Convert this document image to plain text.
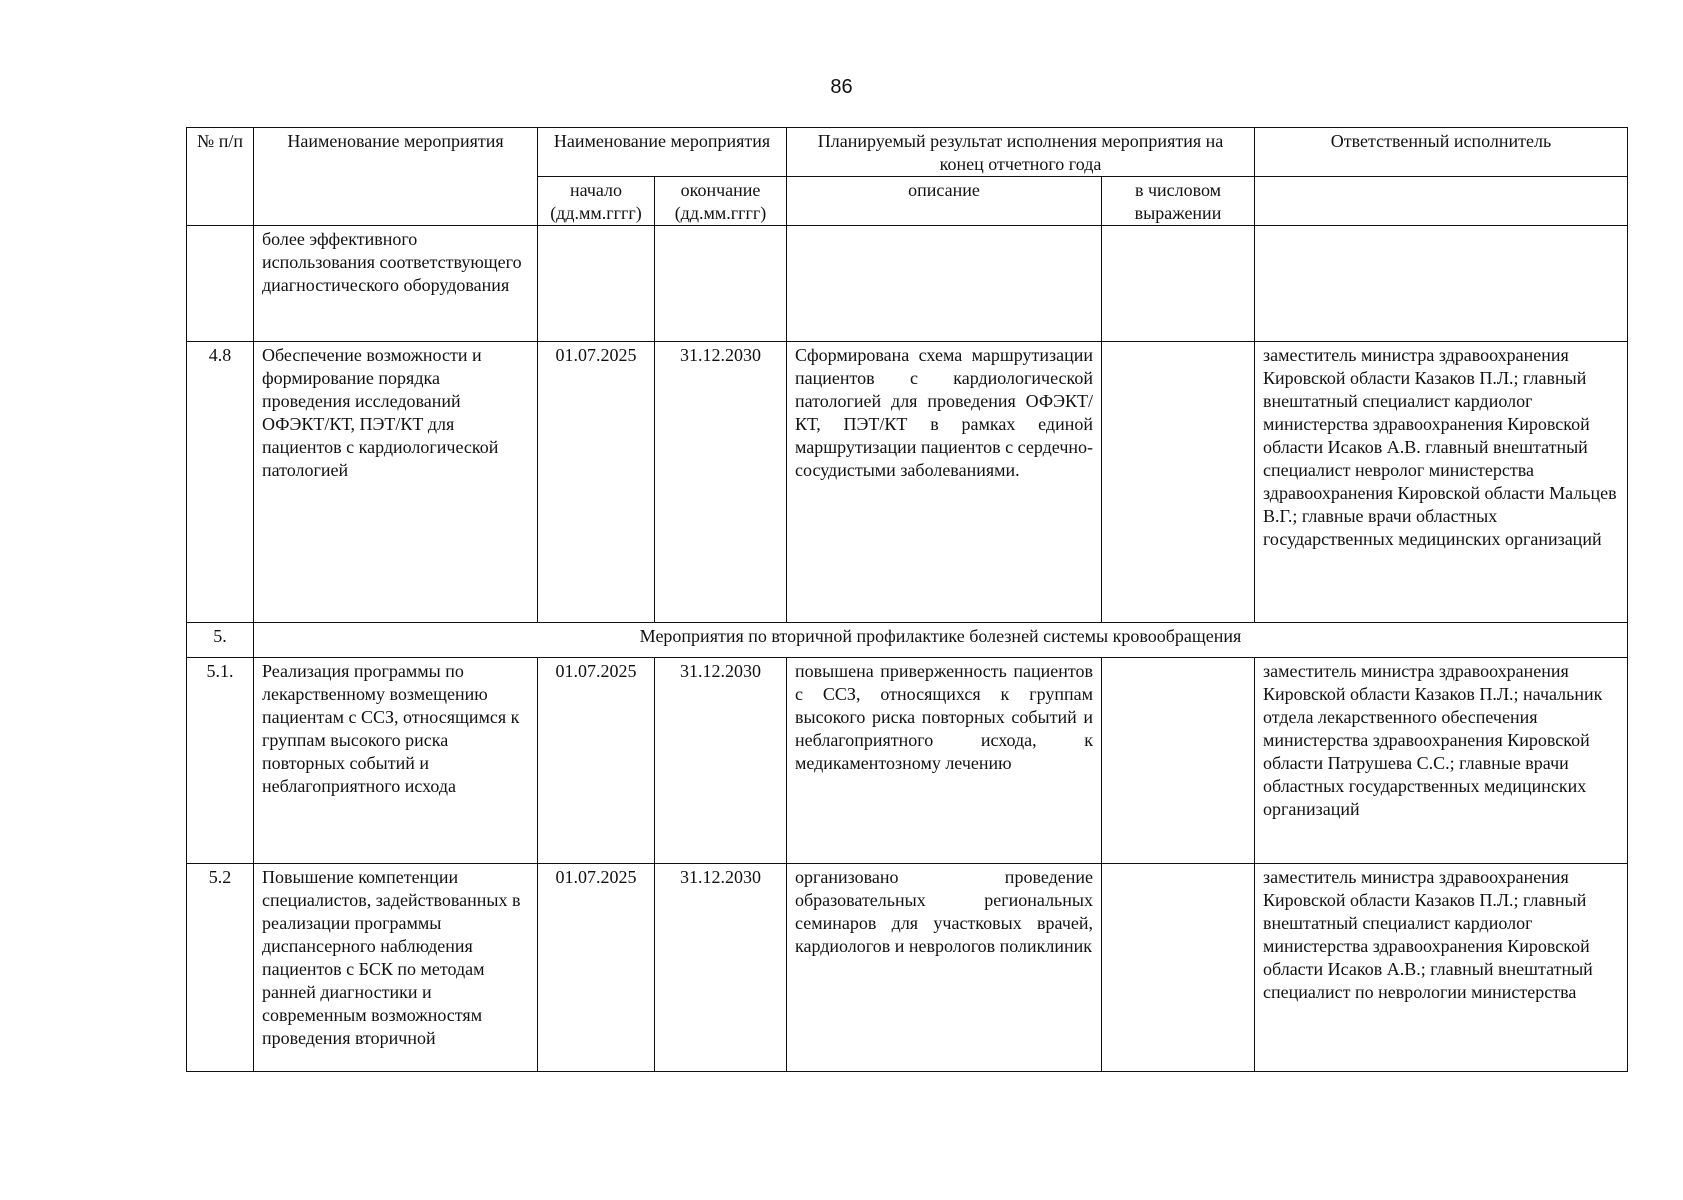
86
№ п/п	Наименование мероприятия	Наименование мероприятия		Планируемый результат исполнения мероприятия на конец отчетного года		Ответственный исполнитель
		начало (дд.мм.гггг)	окончание (дд.мм.гггг)	описание	в числовом выражении	
	более эффективного использования соответствующего диагностического оборудования					
4.8	Обеспечение возможности и формирование порядка проведения исследований ОФЭКТ/КТ, ПЭТ/КТ для пациентов с кардиологической патологией	01.07.2025	31.12.2030	Сформирована схема маршрутизации пациентов с кардиологической патологией для проведения ОФЭКТ/КТ, ПЭТ/КТ в рамках единой маршрутизации пациентов с сердечно-сосудистыми заболеваниями.		заместитель министра здравоохранения Кировской области Казаков П.Л.; главный внештатный специалист кардиолог министерства здравоохранения Кировской области Исаков А.В. главный внештатный специалист невролог министерства здравоохранения Кировской области Мальцев В.Г.; главные врачи областных государственных медицинских организаций
5.	Мероприятия по вторичной профилактике болезней системы кровообращения					
5.1.	Реализация программы по лекарственному возмещению пациентам с ССЗ, относящимся к группам высокого риска повторных событий и неблагоприятного исхода	01.07.2025	31.12.2030	повышена приверженность пациентов с ССЗ, относящихся к группам высокого риска повторных событий и неблагоприятного исхода, к медикаментозному лечению		заместитель министра здравоохранения Кировской области Казаков П.Л.; начальник отдела лекарственного обеспечения министерства здравоохранения Кировской области Патрушева С.С.; главные врачи областных государственных медицинских организаций
5.2	Повышение компетенции специалистов, задействованных в реализации программы диспансерного наблюдения пациентов с БСК по методам ранней диагностики и современным возможностям проведения вторичной	01.07.2025	31.12.2030	организовано проведение образовательных региональных семинаров для участковых врачей, кардиологов и неврологов поликлиник		заместитель министра здравоохранения Кировской области Казаков П.Л.; главный внештатный специалист кардиолог министерства здравоохранения Кировской области Исаков А.В.; главный внештатный специалист по неврологии министерства
